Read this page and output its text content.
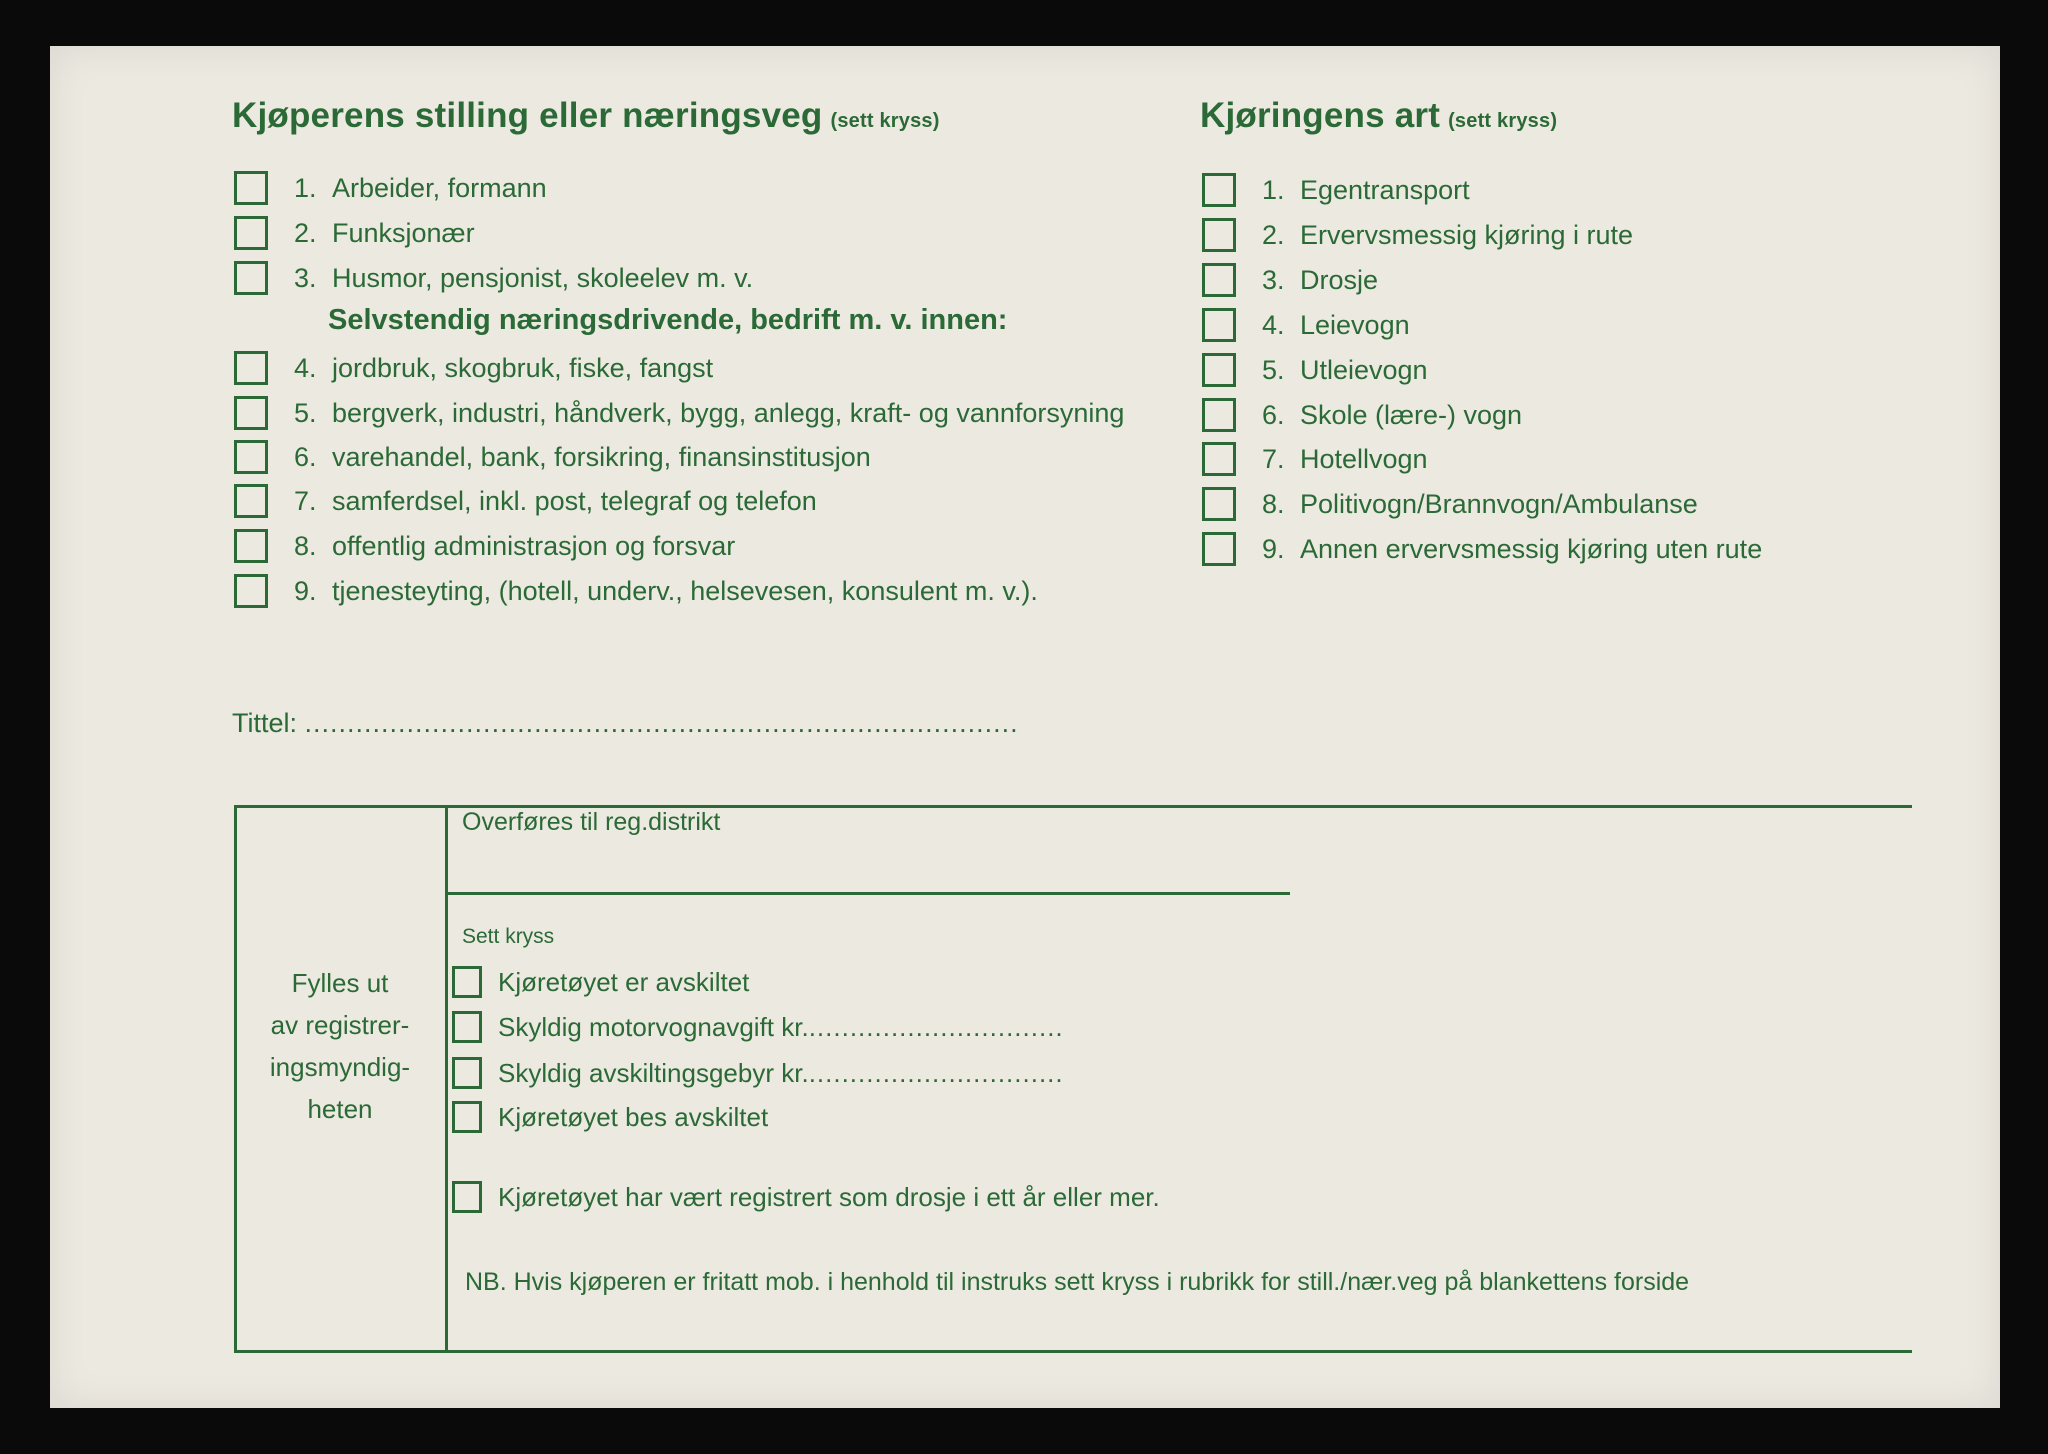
Kjøperens stilling eller næringsveg (sett kryss)
1. Arbeider, formann
2. Funksjonær
3. Husmor, pensjonist, skoleelev m. v.
Selvstendig næringsdrivende, bedrift m. v. innen:
4. jordbruk, skogbruk, fiske, fangst
5. bergverk, industri, håndverk, bygg, anlegg, kraft- og vannforsyning
6. varehandel, bank, forsikring, finansinstitusjon
7. samferdsel, inkl. post, telegraf og telefon
8. offentlig administrasjon og forsvar
9. tjenesteyting, (hotell, underv., helsevesen, konsulent m. v.).
Kjøringens art (sett kryss)
1. Egentransport
2. Ervervsmessig kjøring i rute
3. Drosje
4. Leievogn
5. Utleievogn
6. Skole (lære-) vogn
7. Hotellvogn
8. Politivogn/Brannvogn/Ambulanse
9. Annen ervervsmessig kjøring uten rute
Tittel: ....................................................................................
Fylles ut
av registrer-
ingsmyndig-
heten
Overføres til reg.distrikt
Sett kryss
Kjøretøyet er avskiltet
Skyldig motorvognavgift kr. ...............................
Skyldig avskiltingsgebyr kr. ...............................
Kjøretøyet bes avskiltet
Kjøretøyet har vært registrert som drosje i ett år eller mer.
NB. Hvis kjøperen er fritatt mob. i henhold til instruks sett kryss i rubrikk for still./nær.veg på blankettens forside
